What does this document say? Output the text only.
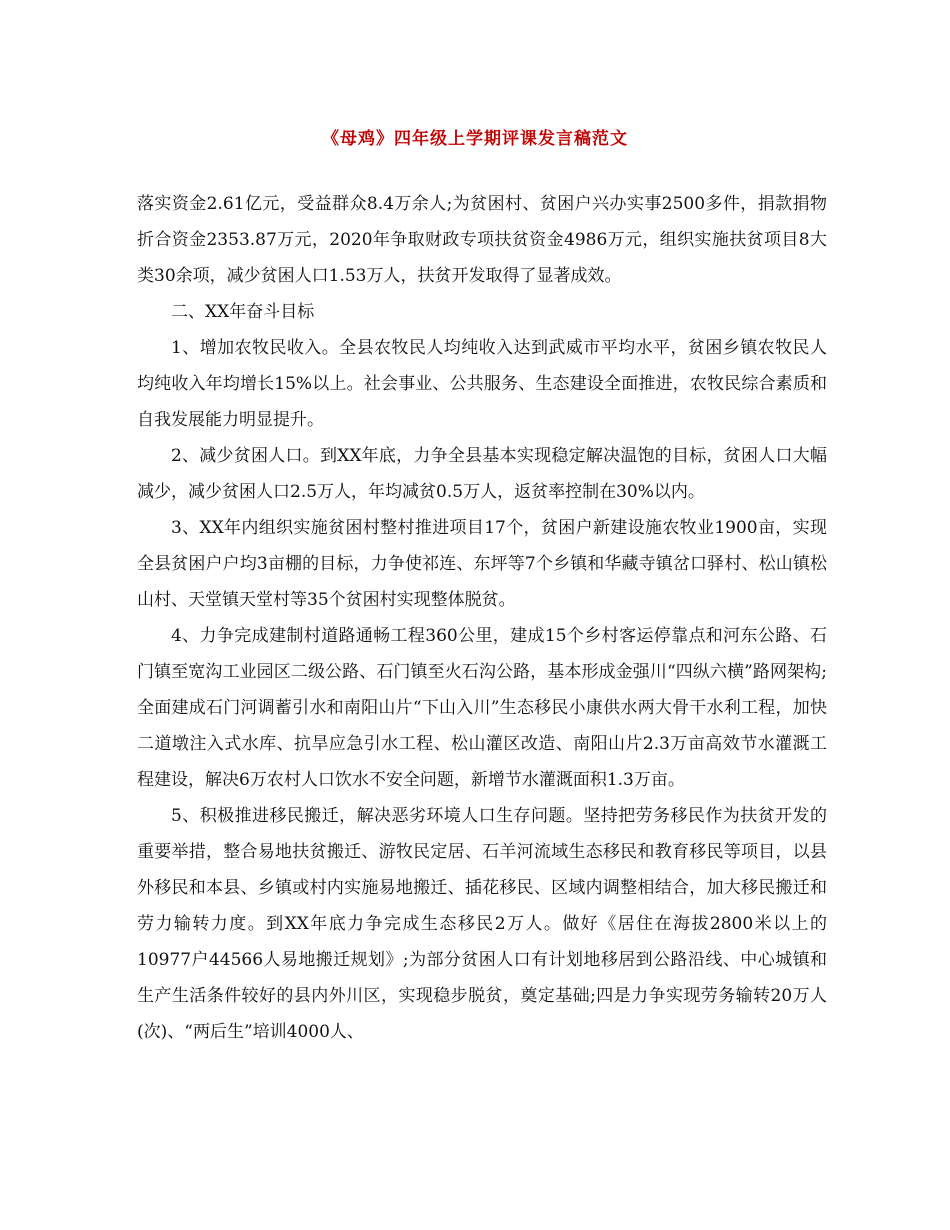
《母鸡》四年级上学期评课发言稿范文

落实资金2.61亿元，受益群众8.4万余人;为贫困村、贫困户兴办实事2500多件，捐款捐物折合资金2353.87万元，2020年争取财政专项扶贫资金4986万元，组织实施扶贫项目8大类30余项，减少贫困人口1.53万人，扶贫开发取得了显著成效。

二、XX年奋斗目标

1、增加农牧民收入。全县农牧民人均纯收入达到武威市平均水平，贫困乡镇农牧民人均纯收入年均增长15%以上。社会事业、公共服务、生态建设全面推进，农牧民综合素质和自我发展能力明显提升。

2、减少贫困人口。到XX年底，力争全县基本实现稳定解决温饱的目标，贫困人口大幅减少，减少贫困人口2.5万人，年均减贫0.5万人，返贫率控制在30%以内。

3、XX年内组织实施贫困村整村推进项目17个，贫困户新建设施农牧业1900亩，实现全县贫困户户均3亩棚的目标，力争使祁连、东坪等7个乡镇和华藏寺镇岔口驿村、松山镇松山村、天堂镇天堂村等35个贫困村实现整体脱贫。

4、力争完成建制村道路通畅工程360公里，建成15个乡村客运停靠点和河东公路、石门镇至宽沟工业园区二级公路、石门镇至火石沟公路，基本形成金强川“四纵六横”路网架构;全面建成石门河调蓄引水和南阳山片“下山入川”生态移民小康供水两大骨干水利工程，加快二道墩注入式水库、抗旱应急引水工程、松山灌区改造、南阳山片2.3万亩高效节水灌溉工程建设，解决6万农村人口饮水不安全问题，新增节水灌溉面积1.3万亩。

5、积极推进移民搬迁，解决恶劣环境人口生存问题。坚持把劳务移民作为扶贫开发的重要举措，整合易地扶贫搬迁、游牧民定居、石羊河流域生态移民和教育移民等项目，以县外移民和本县、乡镇或村内实施易地搬迁、插花移民、区域内调整相结合，加大移民搬迁和劳力输转力度。到XX年底力争完成生态移民2万人。做好《居住在海拔2800米以上的10977户44566人易地搬迁规划》;为部分贫困人口有计划地移居到公路沿线、中心城镇和生产生活条件较好的县内外川区，实现稳步脱贫，奠定基础;四是力争实现劳务输转20万人(次)、“两后生”培训4000人、
